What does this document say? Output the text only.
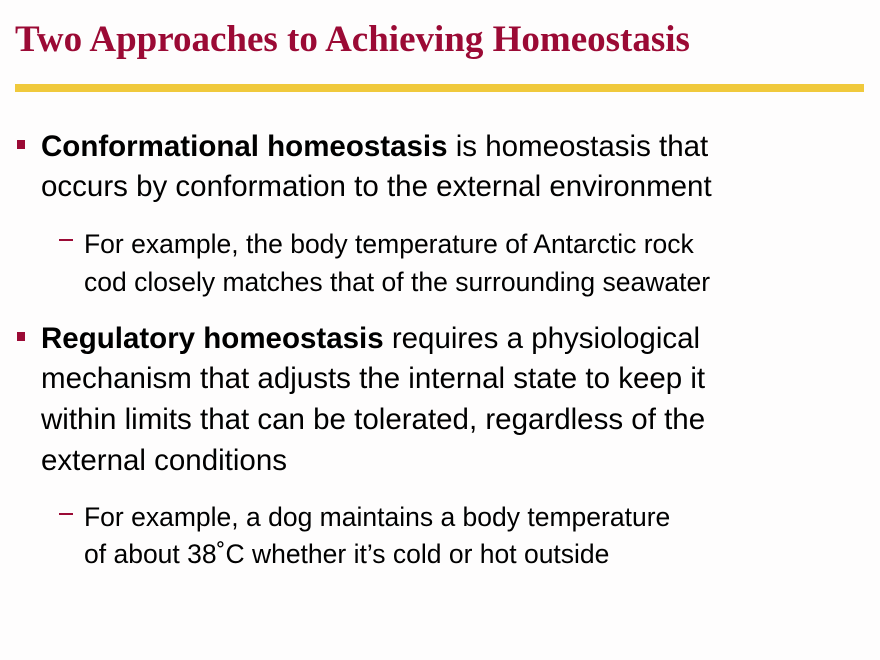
Two Approaches to Achieving Homeostasis
Conformational homeostasis is homeostasis that
occurs by conformation to the external environment
For example, the body temperature of Antarctic rock
cod closely matches that of the surrounding seawater
Regulatory homeostasis requires a physiological
mechanism that adjusts the internal state to keep it
within limits that can be tolerated, regardless of the
external conditions
For example, a dog maintains a body temperature
of about 38˚C whether it’s cold or hot outside
